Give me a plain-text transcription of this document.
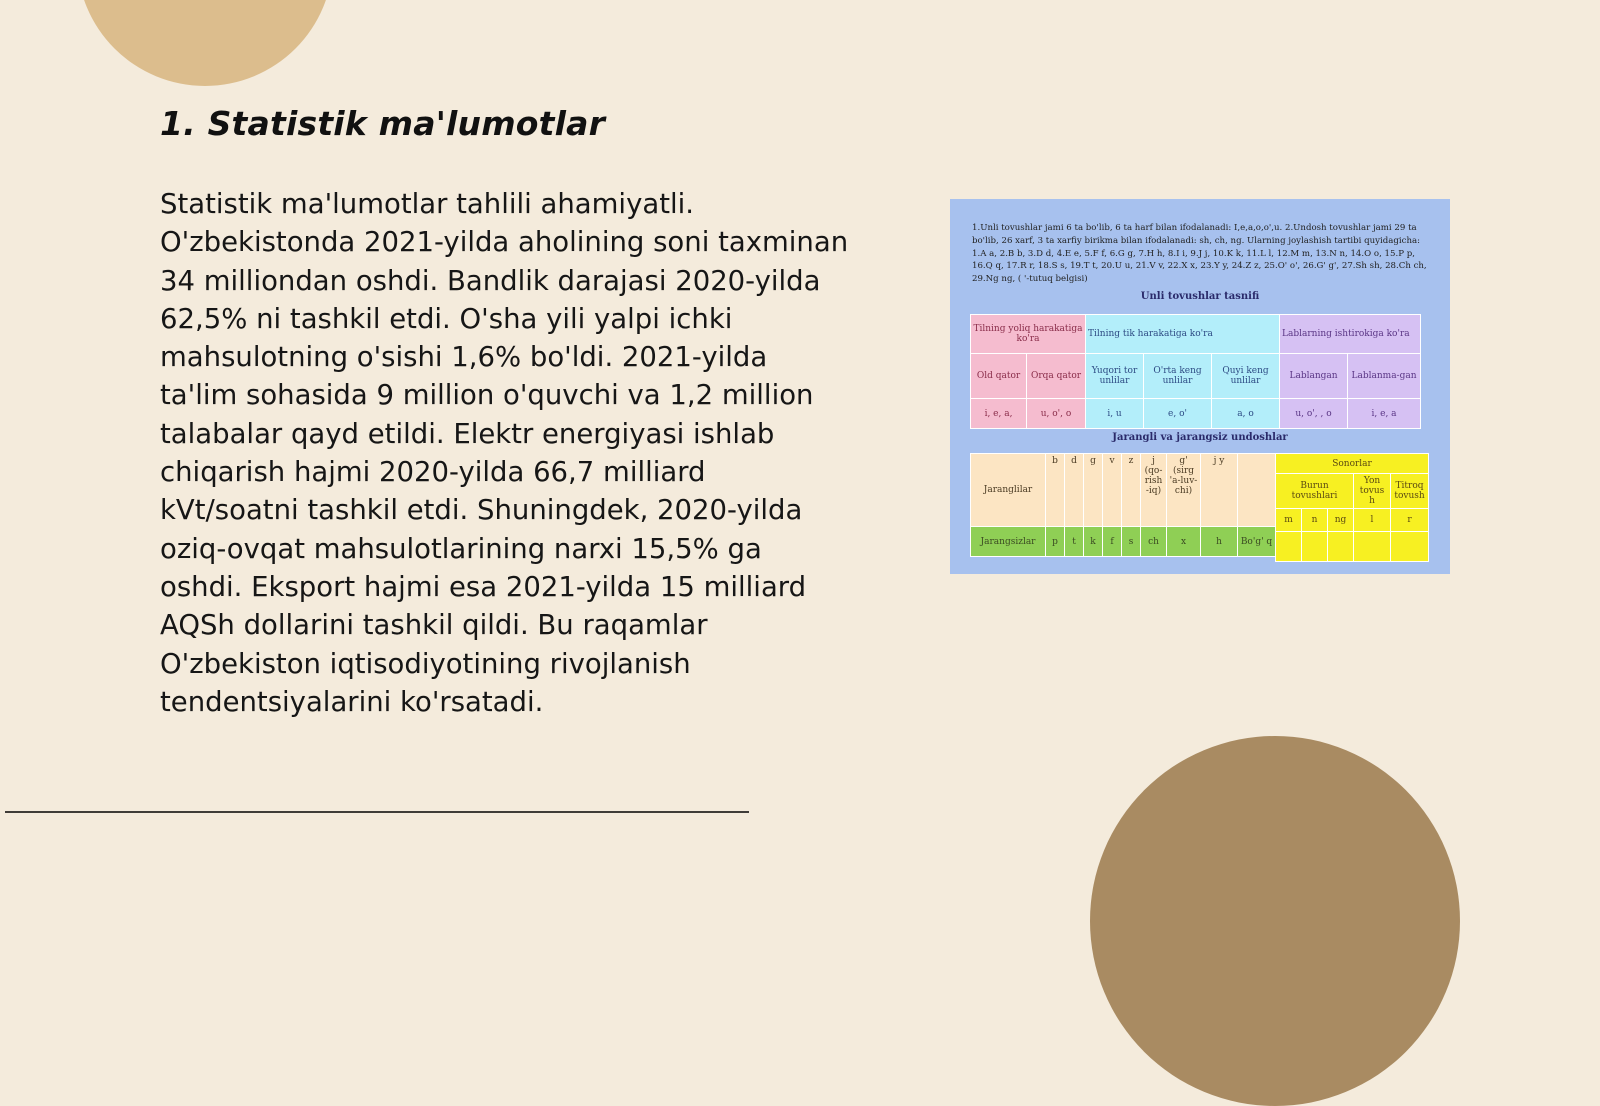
1. Statistik ma'lumotlar

Statistik ma'lumotlar tahlili ahamiyatli. O'zbekistonda 2021-yilda aholining soni taxminan 34 milliondan oshdi. Bandlik darajasi 2020-yilda 62,5% ni tashkil etdi. O'sha yili yalpi ichki mahsulotning o'sishi 1,6% bo'ldi. 2021-yilda ta'lim sohasida 9 million o'quvchi va 1,2 million talabalar qayd etildi. Elektr energiyasi ishlab chiqarish hajmi 2020-yilda 66,7 milliard kVt/soatni tashkil etdi. Shuningdek, 2020-yilda oziq-ovqat mahsulotlarining narxi 15,5% ga oshdi. Eksport hajmi esa 2021-yilda 15 milliard AQSh dollarini tashkil qildi. Bu raqamlar O'zbekiston iqtisodiyotining rivojlanish tendentsiyalarini ko'rsatadi.

1.Unli tovushlar jami 6 ta bo'lib, 6 ta harf bilan ifodalanadi: I,e,a,o,o',u. 2.Undosh tovushlar jami 29 ta bo'lib, 26 xarf, 3 ta xarfiy birikma bilan ifodalanadi: sh, ch, ng. Ularning joylashish tartibi quyidagicha: 1.A a, 2.B b, 3.D d, 4.E e, 5.F f, 6.G g, 7.H h, 8.I i, 9.J j, 10.K k, 11.L l, 12.M m, 13.N n, 14.O o, 15.P p, 16.Q q, 17.R r, 18.S s, 19.T t, 20.U u, 21.V v, 22.X x, 23.Y y, 24.Z z, 25.O' o', 26.G' g', 27.Sh sh, 28.Ch ch, 29.Ng ng, ( '-tutuq belgisi)

Unli tovushlar tasnifi
Tilning yoliq harakatiga ko'ra		Tilning tik harakatiga ko'ra			Lablarning ishtirokiga ko'ra	
Old qator	Orqa qator	Yuqori tor unlilar	O'rta keng unlilar	Quyi keng unlilar	Lablangan	Lablanma-gan
i, e, a,	u, o', o	i, u	e, o'	a, o	u, o', , o	i, e, a
Jarangli va jarangsiz undoshlar
Jaranglilar	b	d	g	v	z	j (qo-rish -iq)	g' (sirg 'a-luv-chi)	j y	
Jarangsizlar	p	t	k	f	s	ch	x	h	Bo'g' q
Sonorlar				
Burun tovushlari			Yon tovus h	Titroq tovush
m	n	ng	l	r
